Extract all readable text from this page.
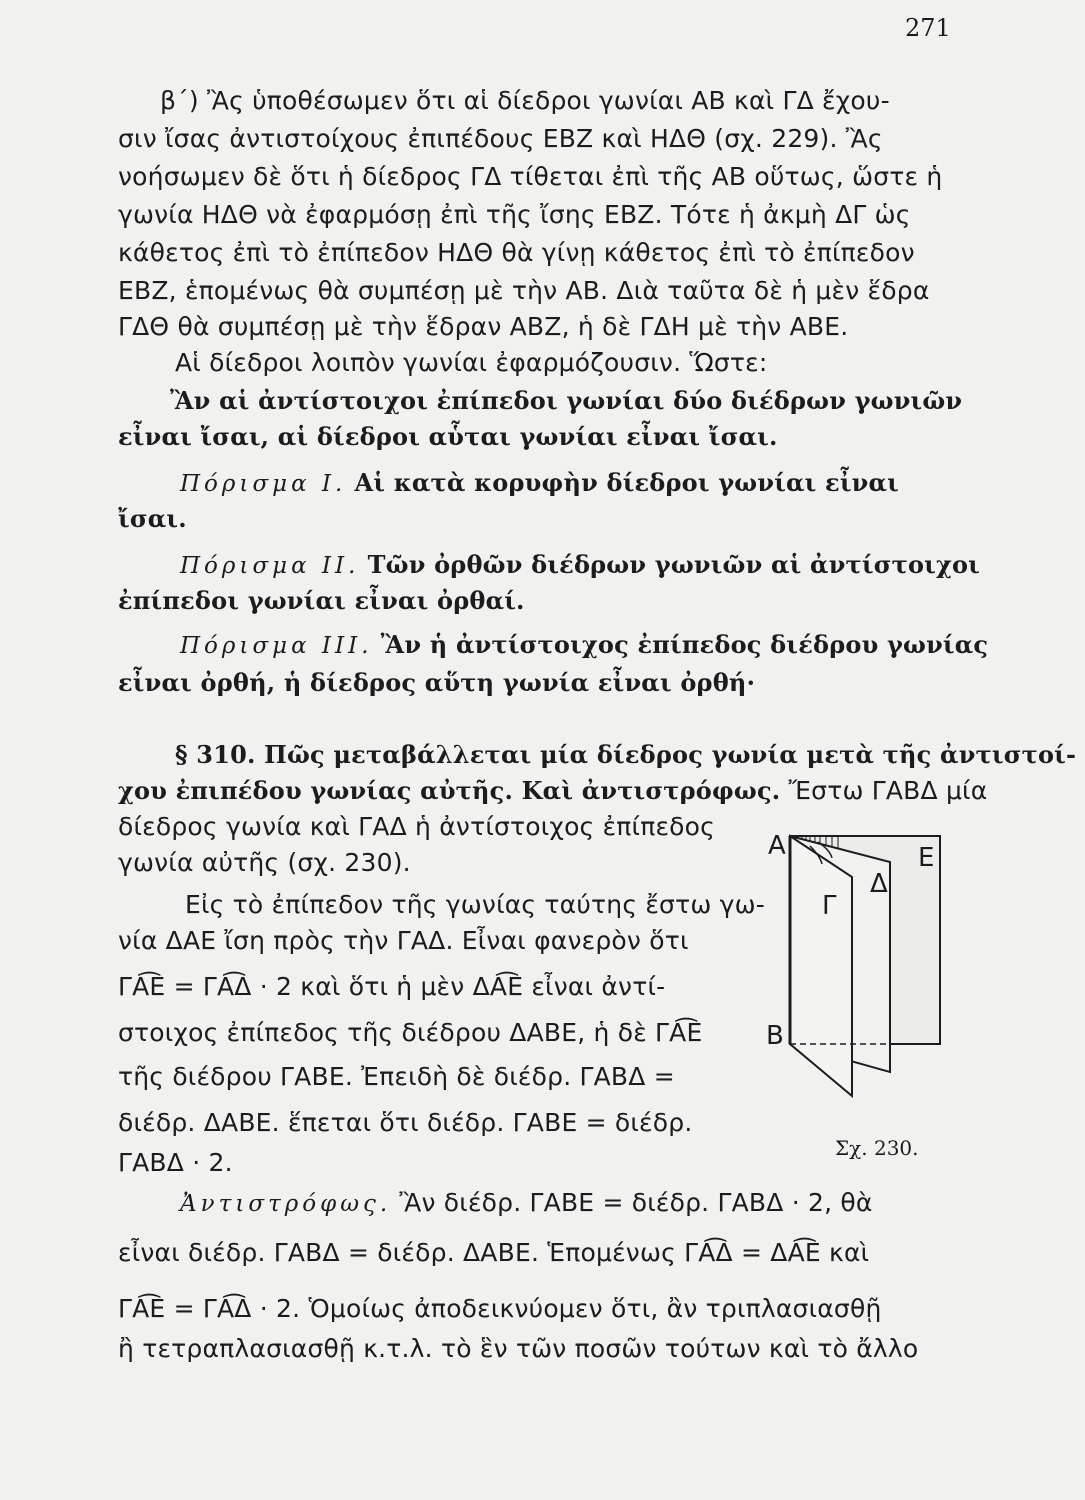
271
β΄) Ἂς ὑποθέσωμεν ὅτι αἱ δίεδροι γωνίαι ΑΒ καὶ ΓΔ ἔχου-
σιν ἴσας ἀντιστοίχους ἐπιπέδους ΕΒΖ καὶ ΗΔΘ (σχ. 229). Ἂς
νοήσωμεν δὲ ὅτι ἡ δίεδρος ΓΔ τίθεται ἐπὶ τῆς ΑΒ οὕτως, ὥστε ἡ
γωνία ΗΔΘ νὰ ἐφαρμόσῃ ἐπὶ τῆς ἴσης ΕΒΖ. Τότε ἡ ἀκμὴ ΔΓ ὡς
κάθετος ἐπὶ τὸ ἐπίπεδον ΗΔΘ θὰ γίνῃ κάθετος ἐπὶ τὸ ἐπίπεδον
ΕΒΖ, ἑπομένως θὰ συμπέσῃ μὲ τὴν ΑΒ. Διὰ ταῦτα δὲ ἡ μὲν ἕδρα
ΓΔΘ θὰ συμπέσῃ μὲ τὴν ἕδραν ΑΒΖ, ἡ δὲ ΓΔΗ μὲ τὴν ΑΒΕ.
Αἱ δίεδροι λοιπὸν γωνίαι ἐφαρμόζουσιν. Ὥστε:
Ἂν αἱ ἀντίστοιχοι ἐπίπεδοι γωνίαι δύο διέδρων γωνιῶν
εἶναι ἴσαι, αἱ δίεδροι αὗται γωνίαι εἶναι ἴσαι.
Πόρισμα Ι. Αἱ κατὰ κορυφὴν δίεδροι γωνίαι εἶναι
ἴσαι.
Πόρισμα ΙΙ. Τῶν ὀρθῶν διέδρων γωνιῶν αἱ ἀντίστοιχοι
ἐπίπεδοι γωνίαι εἶναι ὀρθαί.
Πόρισμα ΙΙΙ. Ἂν ἡ ἀντίστοιχος ἐπίπεδος διέδρου γωνίας
εἶναι ὀρθή, ἡ δίεδρος αὕτη γωνία εἶναι ὀρθή·
§ 310. Πῶς μεταβάλλεται μία δίεδρος γωνία μετὰ τῆς ἀντιστοί-
χου ἐπιπέδου γωνίας αὐτῆς. Καὶ ἀντιστρόφως. Ἔστω ΓΑΒΔ μία
δίεδρος γωνία καὶ ΓΑΔ ἡ ἀντίστοιχος ἐπίπεδος
γωνία αὐτῆς (σχ. 230).
Εἰς τὸ ἐπίπεδον τῆς γωνίας ταύτης ἔστω γω-
νία ΔΑΕ ἴση πρὸς τὴν ΓΑΔ. Εἶναι φανερὸν ὅτι
ΓΑ͡Ε = ΓΑ͡Δ · 2 καὶ ὅτι ἡ μὲν ΔΑ͡Ε εἶναι ἀντί-
στοιχος ἐπίπεδος τῆς διέδρου ΔΑΒΕ, ἡ δὲ ΓΑ͡Ε
τῆς διέδρου ΓΑΒΕ. Ἐπειδὴ δὲ διέδρ. ΓΑΒΔ =
διέδρ. ΔΑΒΕ. ἕπεται ὅτι διέδρ. ΓΑΒΕ = διέδρ.
ΓΑΒΔ · 2.
Ἀντιστρόφως. Ἂν διέδρ. ΓΑΒΕ = διέδρ. ΓΑΒΔ · 2, θὰ
εἶναι διέδρ. ΓΑΒΔ = διέδρ. ΔΑΒΕ. Ἑπομένως ΓΑ͡Δ = ΔΑ͡Ε καὶ
ΓΑ͡Ε = ΓΑ͡Δ · 2. Ὁμοίως ἀποδεικνύομεν ὅτι, ἂν τριπλασιασθῇ
ἢ τετραπλασιασθῇ κ.τ.λ. τὸ ἓν τῶν ποσῶν τούτων καὶ τὸ ἄλλο
Α	Ε
Δ
Γ
Β
Σχ. 230.
